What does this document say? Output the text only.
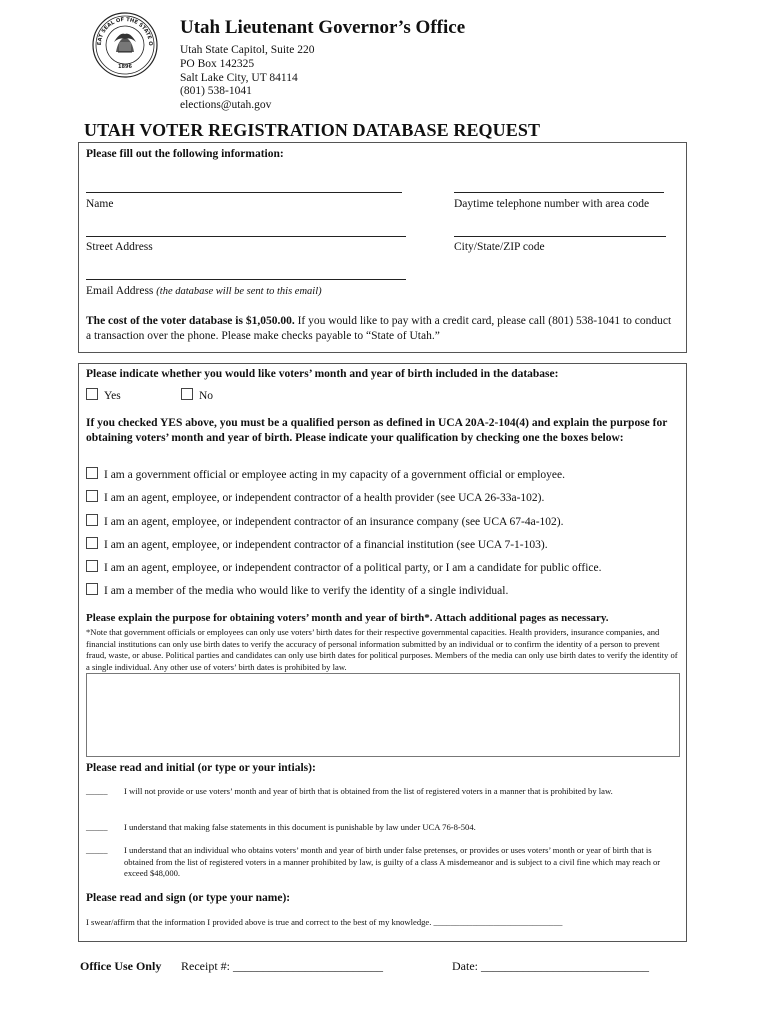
EAT SEAL OF THE STATE O
1896
Utah Lieutenant Governor’s Office
Utah State Capitol, Suite 220
PO Box 142325
Salt Lake City, UT 84114
(801) 538-1041
elections@utah.gov
UTAH VOTER REGISTRATION DATABASE REQUEST
Please fill out the following information:
Name	Daytime telephone number with area code
Street Address	City/State/ZIP code
Email Address (the database will be sent to this email)
The cost of the voter database is $1,050.00. If you would like to pay with a credit card, please call (801) 538-1041 to conduct a transaction over the phone. Please make checks payable to “State of Utah.”
Please indicate whether you would like voters’ month and year of birth included in the database:
Yes	No
If you checked YES above, you must be a qualified person as defined in UCA 20A-2-104(4) and explain the purpose for obtaining voters’ month and year of birth. Please indicate your qualification by checking one the boxes below:
I am a government official or employee acting in my capacity of a government official or employee.
I am an agent, employee, or independent contractor of a health provider (see UCA 26-33a-102).
I am an agent, employee, or independent contractor of an insurance company (see UCA 67-4a-102).
I am an agent, employee, or independent contractor of a financial institution (see UCA 7-1-103).
I am an agent, employee, or independent contractor of a political party, or I am a candidate for public office.
I am a member of the media who would like to verify the identity of a single individual.
Please explain the purpose for obtaining voters’ month and year of birth*. Attach additional pages as necessary.
*Note that government officials or employees can only use voters’ birth dates for their respective governmental capacities. Health providers, insurance companies, and financial institutions can only use birth dates to verify the accuracy of personal information submitted by an individual or to confirm the identity of a person to prevent fraud, waste, or abuse. Political parties and candidates can only use birth dates for political purposes. Members of the media can only use birth dates to verify the identity of a single individual. Any other use of voters’ birth dates is prohibited by law.
Please read and initial (or type or your intials):
_____ I will not provide or use voters’ month and year of birth that is obtained from the list of registered voters in a manner that is prohibited by law.
_____ I understand that making false statements in this document is punishable by law under UCA 76-8-504.
_____ I understand that an individual who obtains voters’ month and year of birth under false pretenses, or provides or uses voters’ month or year of birth that is obtained from the list of registered voters in a manner prohibited by law, is guilty of a class A misdemeanor and is subject to a civil fine which may reach or exceed $48,000.
Please read and sign (or type your name):
I swear/affirm that the information I provided above is true and correct to the best of my knowledge. ______________________________
Office Use Only Receipt #: _________________________	Date: ____________________________
